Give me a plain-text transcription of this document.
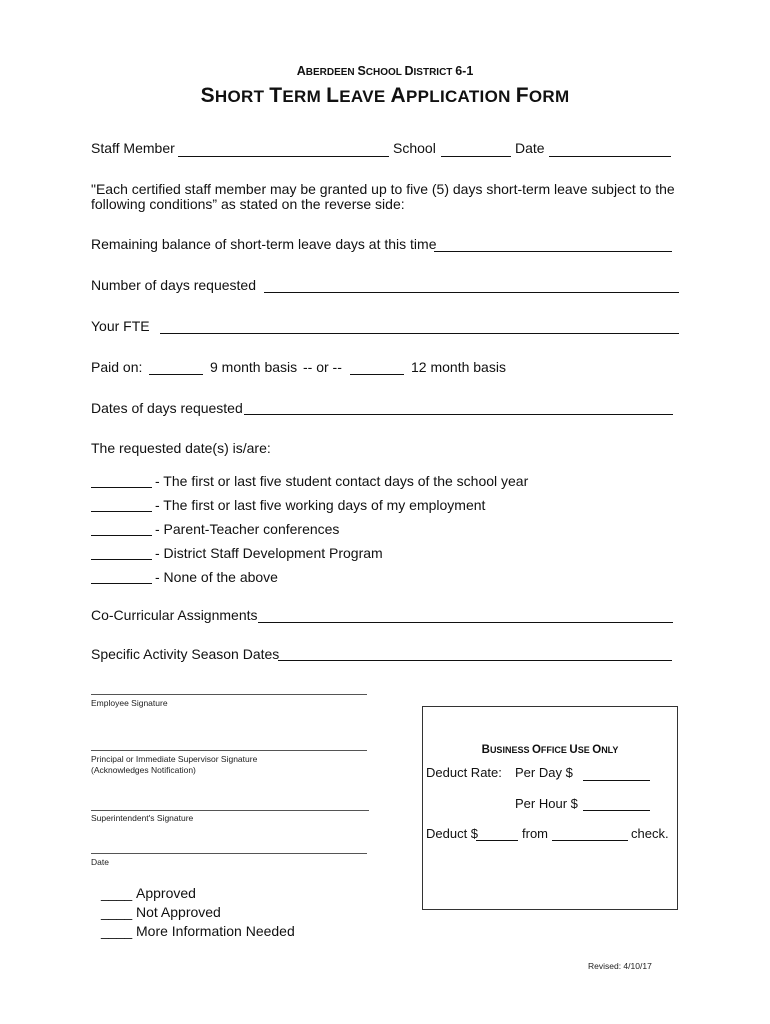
ABERDEEN SCHOOL DISTRICT 6-1
SHORT TERM LEAVE APPLICATION FORM
Staff Member	School	Date
"Each certified staff member may be granted up to five (5) days short-term leave subject to the
following conditions” as stated on the reverse side:
Remaining balance of short-term leave days at this time
Number of days requested
Your FTE
Paid on:	9 month basis -- or --	12 month basis
Dates of days requested
The requested date(s) is/are:
- The first or last five student contact days of the school year
- The first or last five working days of my employment
- Parent-Teacher conferences
- District Staff Development Program
- None of the above
Co-Curricular Assignments
Specific Activity Season Dates
Employee Signature
Principal or Immediate Supervisor Signature
(Acknowledges Notification)
Superintendent's Signature
Date
____ Approved
____ Not Approved
____ More Information Needed
BUSINESS OFFICE USE ONLY
Deduct Rate: Per Day $
Per Hour $
Deduct $	from	check.
Revised: 4/10/17
